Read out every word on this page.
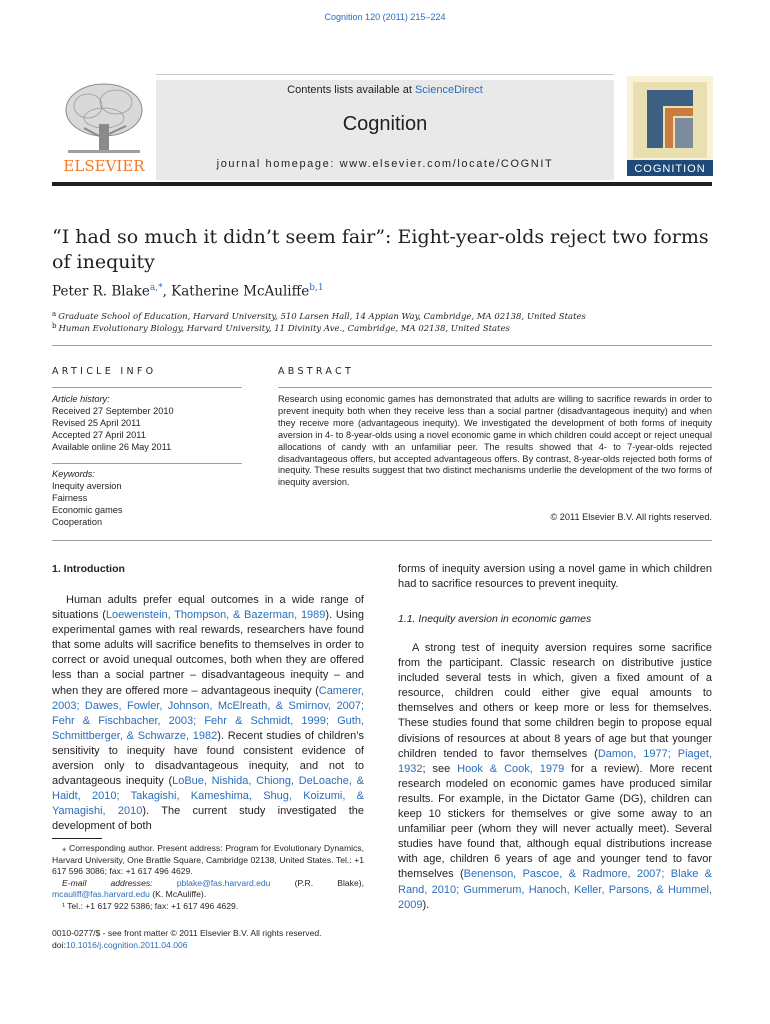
Cognition 120 (2011) 215–224
Contents lists available at ScienceDirect
Cognition
journal homepage: www.elsevier.com/locate/COGNIT
ELSEVIER	COGNITION
“I had so much it didn’t seem fair”: Eight-year-olds reject two forms of inequity
Peter R. Blake$^{a,*}$, Katherine McAuliffe$^{b,1}$
$^a$ Graduate School of Education, Harvard University, 510 Larsen Hall, 14 Appian Way, Cambridge, MA 02138, United States
$^b$ Human Evolutionary Biology, Harvard University, 11 Divinity Ave., Cambridge, MA 02138, United States
ARTICLE INFO	ABSTRACT
Article history:
Received 27 September 2010
Revised 25 April 2011
Accepted 27 April 2011
Available online 26 May 2011
Keywords:
Inequity aversion
Fairness
Economic games
Cooperation
Research using economic games has demonstrated that adults are willing to sacrifice rewards in order to prevent inequity both when they receive less than a social partner (disadvantageous inequity) and when they receive more (advantageous inequity). We investigated the development of both forms of inequity aversion in 4- to 8-year-olds using a novel economic game in which children could accept or reject unequal allocations of candy with an unfamiliar peer. The results showed that 4- to 7-year-olds rejected disadvantageous offers, but accepted advantageous offers. By contrast, 8-year-olds rejected both forms of inequity. These results suggest that two distinct mechanisms underlie the development of the two forms of inequity aversion.
© 2011 Elsevier B.V. All rights reserved.
1. Introduction
Human adults prefer equal outcomes in a wide range of situations (Loewenstein, Thompson, & Bazerman, 1989). Using experimental games with real rewards, researchers have found that some adults will sacrifice benefits to themselves in order to correct or avoid unequal outcomes, both when they are offered less than a social partner – disadvantageous inequity – and when they are offered more – advantageous inequity (Camerer, 2003; Dawes, Fowler, Johnson, McElreath, & Smirnov, 2007; Fehr & Fischbacher, 2003; Fehr & Schmidt, 1999; Guth, Schmittberger, & Schwarze, 1982). Recent studies of children’s sensitivity to inequity have found consistent evidence of aversion only to disadvantageous inequity, and not to advantageous inequity (LoBue, Nishida, Chiong, DeLoache, & Haidt, 2010; Takagishi, Kameshima, Shug, Koizumi, & Yamagishi, 2010). The current study investigated the development of both
forms of inequity aversion using a novel game in which children had to sacrifice resources to prevent inequity.
1.1. Inequity aversion in economic games
A strong test of inequity aversion requires some sacrifice from the participant. Classic research on distributive justice included several tests in which, given a fixed amount of a resource, children could either give equal amounts to themselves and others or keep more or less for themselves. These studies found that some children begin to propose equal divisions of resources at about 8 years of age but that younger children tended to favor themselves (Damon, 1977; Piaget, 1932; see Hook & Cook, 1979 for a review). More recent research modeled on economic games have produced similar results. For example, in the Dictator Game (DG), children can keep 10 stickers for themselves or give some away to an unfamiliar peer (whom they will never actually meet). Several studies have found that, although equal distributions increase with age, children 6 years of age and younger tend to favor themselves (Benenson, Pascoe, & Radmore, 2007; Blake & Rand, 2010; Gummerum, Hanoch, Keller, Parsons, & Hummel, 2009).
⁎ Corresponding author. Present address: Program for Evolutionary Dynamics, Harvard University, One Brattle Square, Cambridge 02138, United States. Tel.: +1 617 596 3086; fax: +1 617 496 4629.
E-mail addresses:	pblake@fas.harvard.edu	(P.R. Blake), mcauliff@fas.harvard.edu (K. McAuliffe).
¹ Tel.: +1 617 922 5386; fax: +1 617 496 4629.
0010-0277/$ - see front matter © 2011 Elsevier B.V. All rights reserved.
doi:10.1016/j.cognition.2011.04.006
